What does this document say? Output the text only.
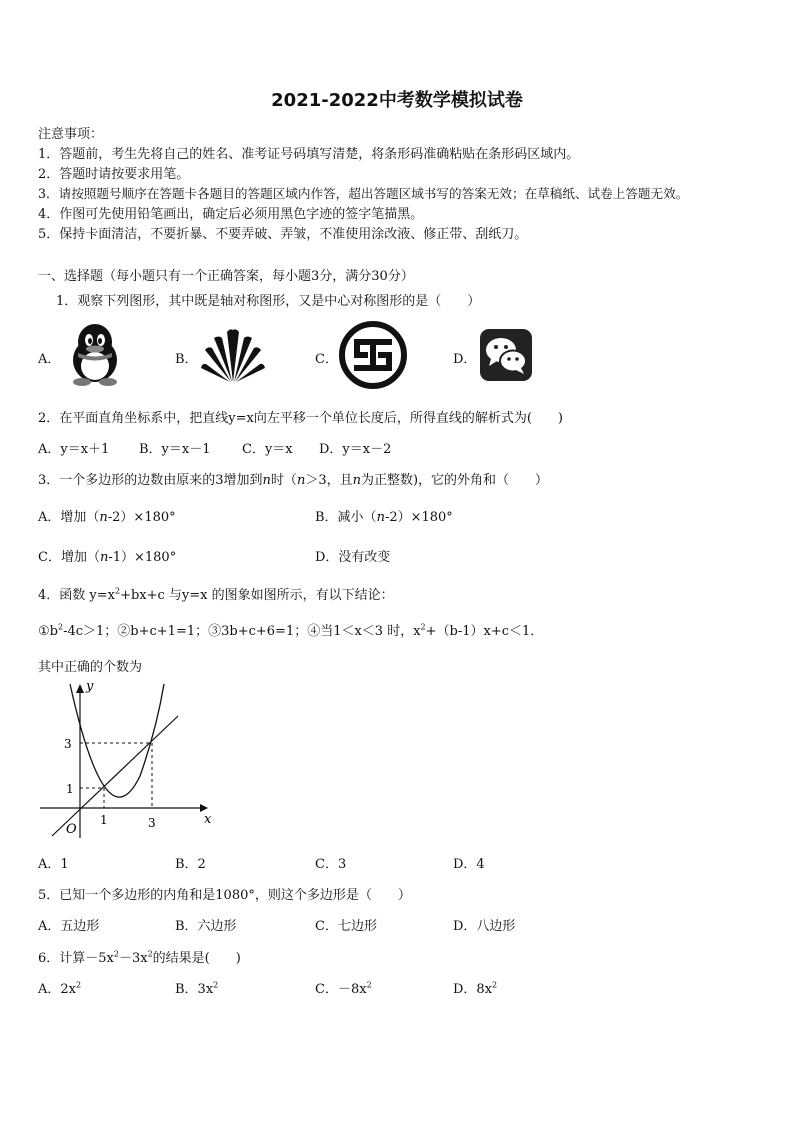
2021-2022中考数学模拟试卷
注意事项：
1．答题前，考生先将自己的姓名、准考证号码填写清楚，将条形码准确粘贴在条形码区域内。
2．答题时请按要求用笔。
3．请按照题号顺序在答题卡各题目的答题区域内作答，超出答题区域书写的答案无效；在草稿纸、试卷上答题无效。
4．作图可先使用铅笔画出，确定后必须用黑色字迹的签字笔描黑。
5．保持卡面清洁，不要折暴、不要弄破、弄皱，不准使用涂改液、修正带、刮纸刀。
一、选择题（每小题只有一个正确答案，每小题3分，满分30分）
1．观察下列图形，其中既是轴对称图形，又是中心对称图形的是（　　）
A．	B．	C．	D．
2．在平面直角坐标系中，把直线y=x向左平移一个单位长度后，所得直线的解析式为(　　)
A．y＝x＋1 B．y＝x－1 C．y＝x D．y＝x－2
3．一个多边形的边数由原来的3增加到n时（n＞3，且n为正整数)，它的外角和（　　）
A．增加（n-2）×180°	B．减小（n-2）×180°
C．增加（n-1）×180°	D．没有改变
4．函数 $y=x^2+bx+c$ 与y=x 的图象如图所示，有以下结论：
$①b^2-4c>1$；②b+c+1=1；③3b+c+6=1；④当1＜x＜3 时，$x^2+(b-1)x+c<1$．
其中正确的个数为
y
x
O
3
1
1	3
A．1	B．2	C．3	D．4
5．已知一个多边形的内角和是1080°，则这个多边形是（　　）
A．五边形	B．六边形	C．七边形	D．八边形
6．计算$-5x^2-3x^2$的结果是(　　)
A．$2x^2$	B．$3x^2$	C．$-8x^2$	D．$8x^2$
